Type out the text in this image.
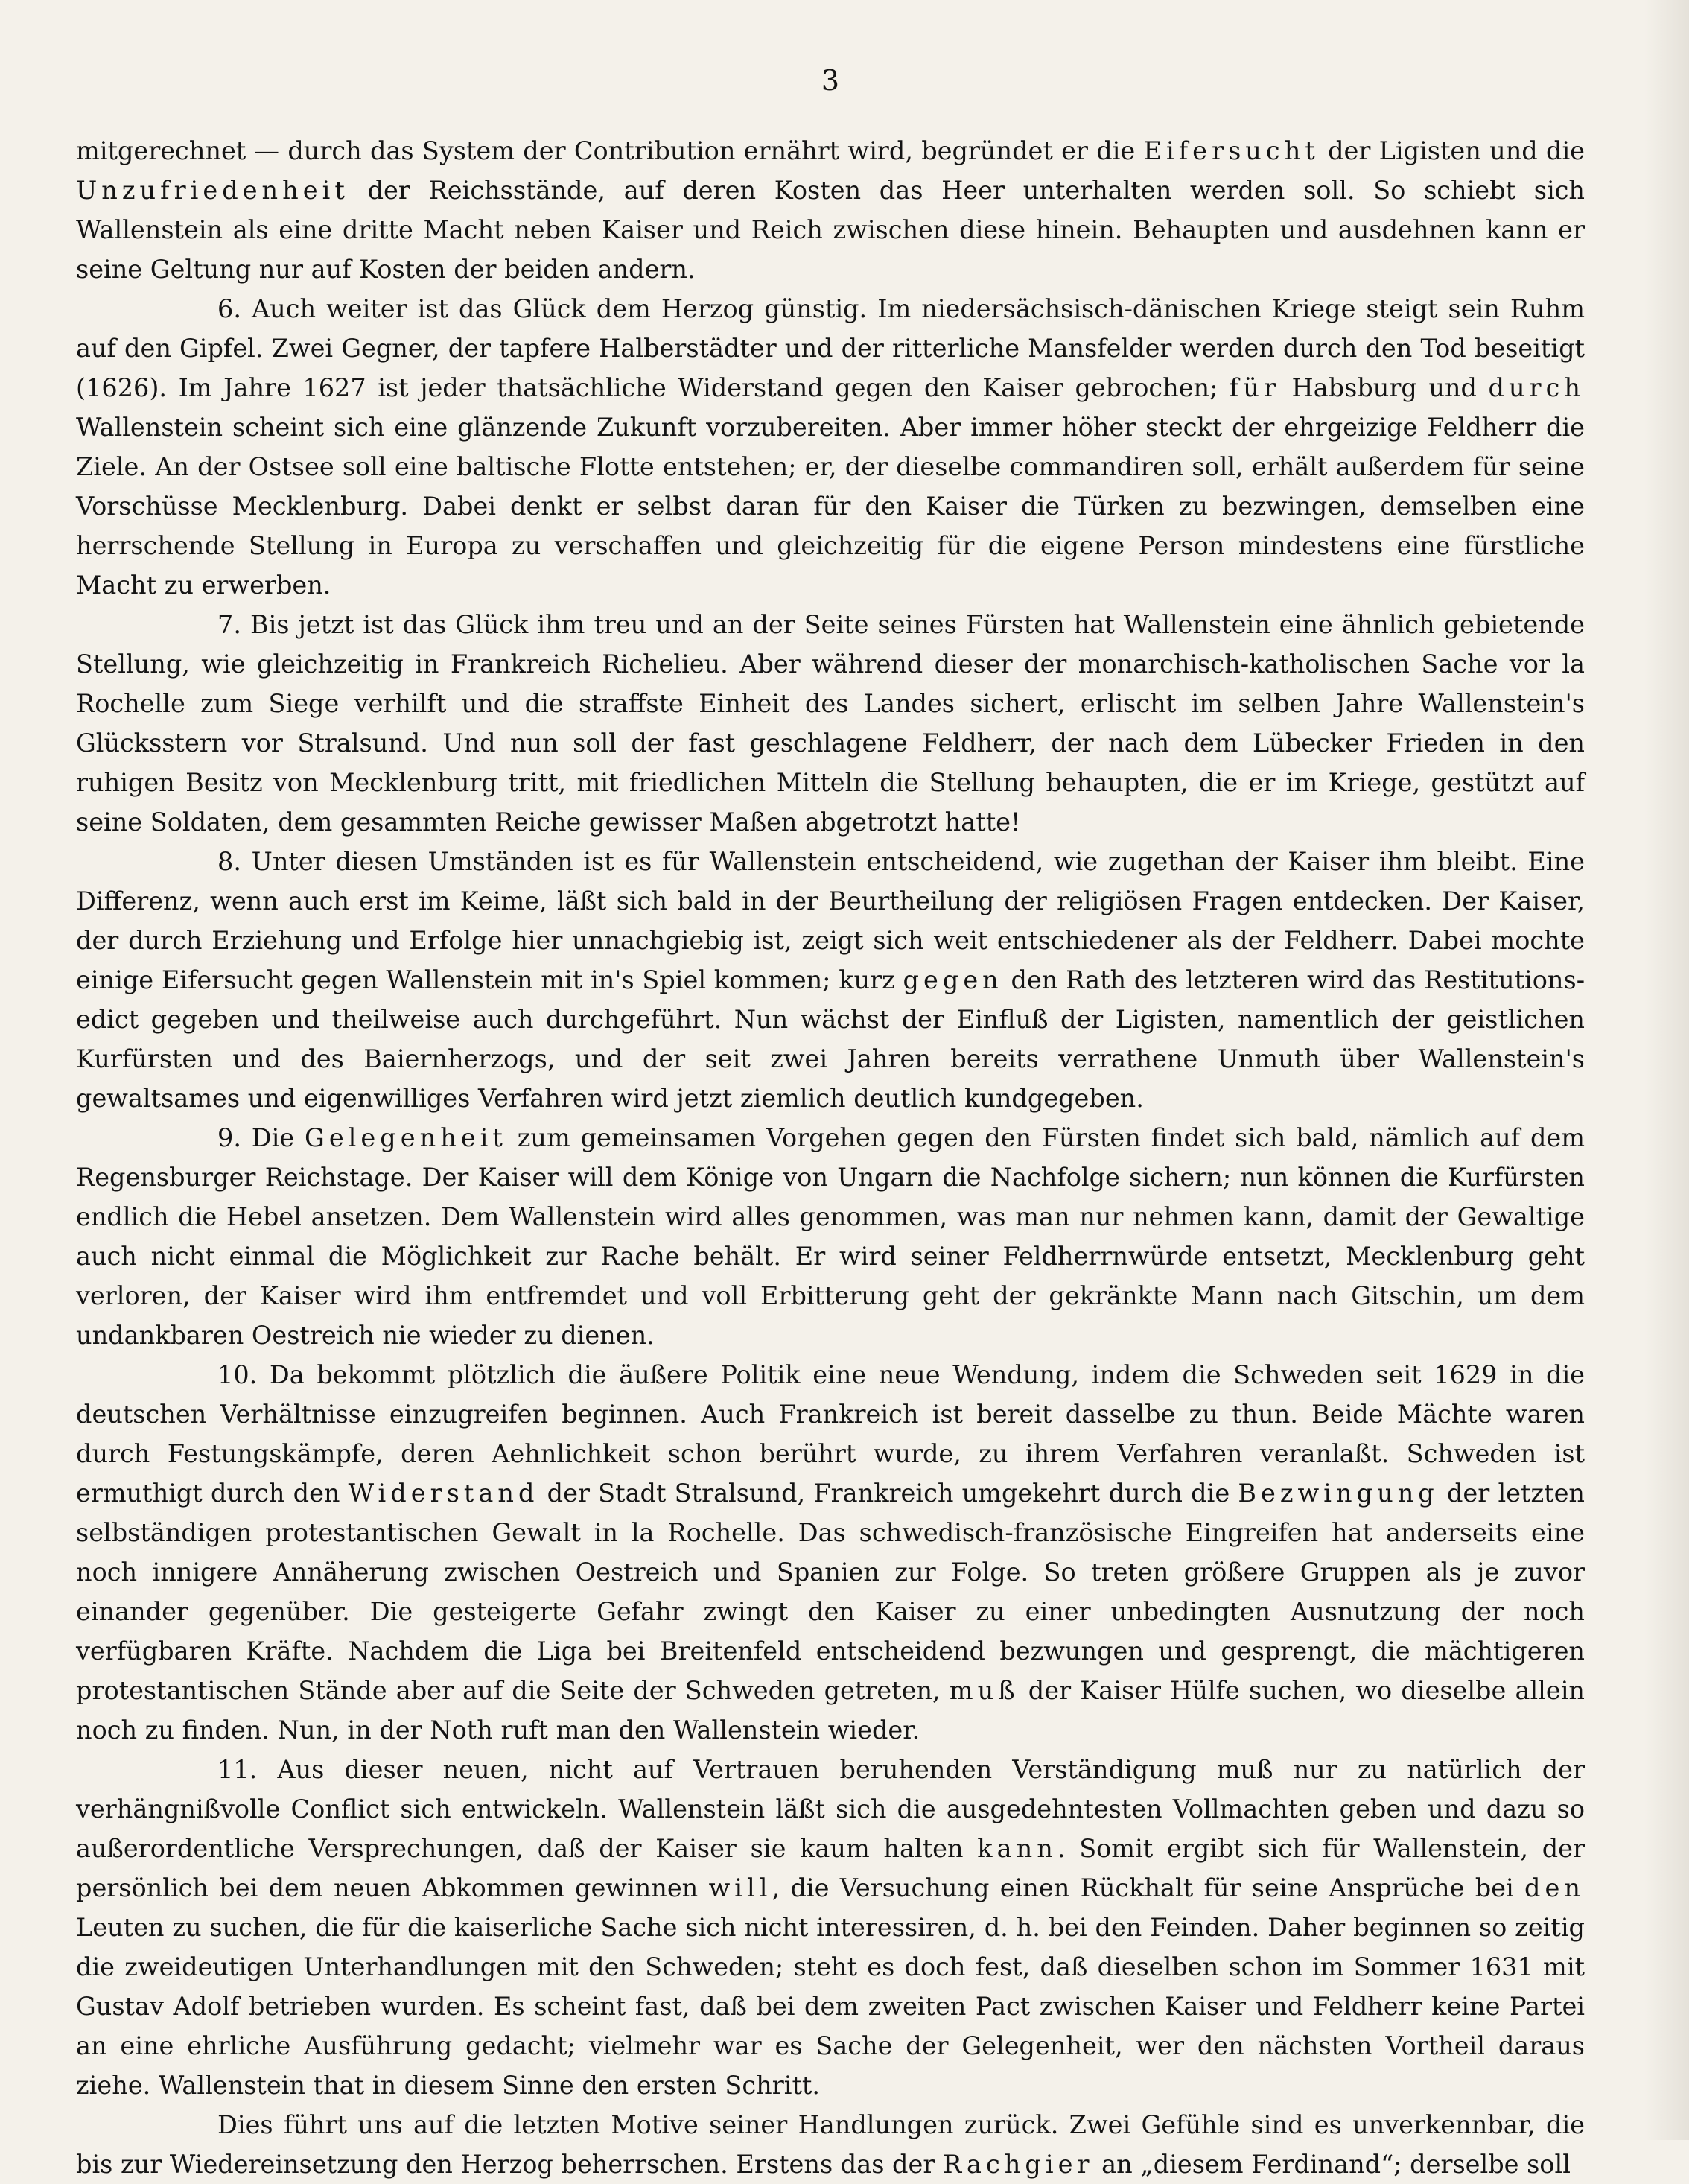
3

mitgerechnet — durch das System der Contribution ernährt wird, begründet er die Eifersucht der Ligisten und die Unzufriedenheit der Reichsstände, auf deren Kosten das Heer unterhalten werden soll. So schiebt sich Wallenstein als eine dritte Macht neben Kaiser und Reich zwischen diese hinein. Behaupten und ausdehnen kann er seine Geltung nur auf Kosten der beiden andern.

6. Auch weiter ist das Glück dem Herzog günstig. Im niedersächsisch-dänischen Kriege steigt sein Ruhm auf den Gipfel. Zwei Gegner, der tapfere Halberstädter und der ritterliche Mansfelder werden durch den Tod beseitigt (1626). Im Jahre 1627 ist jeder thatsächliche Widerstand gegen den Kaiser gebrochen; für Habsburg und durch Wallenstein scheint sich eine glänzende Zukunft vorzubereiten. Aber immer höher steckt der ehrgeizige Feldherr die Ziele. An der Ostsee soll eine baltische Flotte entstehen; er, der dieselbe commandiren soll, erhält außerdem für seine Vorschüsse Mecklenburg. Dabei denkt er selbst daran für den Kaiser die Türken zu bezwingen, demselben eine herrschende Stellung in Europa zu verschaffen und gleichzeitig für die eigene Person mindestens eine fürstliche Macht zu erwerben.

7. Bis jetzt ist das Glück ihm treu und an der Seite seines Fürsten hat Wallenstein eine ähnlich gebietende Stellung, wie gleichzeitig in Frankreich Richelieu. Aber während dieser der monarchisch-katholischen Sache vor la Rochelle zum Siege verhilft und die straffste Einheit des Landes sichert, erlischt im selben Jahre Wallenstein's Glücksstern vor Stralsund. Und nun soll der fast geschlagene Feldherr, der nach dem Lübecker Frieden in den ruhigen Besitz von Mecklenburg tritt, mit friedlichen Mitteln die Stellung behaupten, die er im Kriege, gestützt auf seine Soldaten, dem gesammten Reiche gewisser Maßen abgetrotzt hatte!

8. Unter diesen Umständen ist es für Wallenstein entscheidend, wie zugethan der Kaiser ihm bleibt. Eine Differenz, wenn auch erst im Keime, läßt sich bald in der Beurtheilung der religiösen Fragen entdecken. Der Kaiser, der durch Erziehung und Erfolge hier unnachgiebig ist, zeigt sich weit entschiedener als der Feldherr. Dabei mochte einige Eifersucht gegen Wallenstein mit in's Spiel kommen; kurz gegen den Rath des letzteren wird das Restitutions-edict gegeben und theilweise auch durchgeführt. Nun wächst der Einfluß der Ligisten, namentlich der geistlichen Kurfürsten und des Baiernherzogs, und der seit zwei Jahren bereits verrathene Unmuth über Wallenstein's gewaltsames und eigenwilliges Verfahren wird jetzt ziemlich deutlich kundgegeben.

9. Die Gelegenheit zum gemeinsamen Vorgehen gegen den Fürsten findet sich bald, nämlich auf dem Regensburger Reichstage. Der Kaiser will dem Könige von Ungarn die Nachfolge sichern; nun können die Kurfürsten endlich die Hebel ansetzen. Dem Wallenstein wird alles genommen, was man nur nehmen kann, damit der Gewaltige auch nicht einmal die Möglichkeit zur Rache behält. Er wird seiner Feldherrnwürde entsetzt, Mecklenburg geht verloren, der Kaiser wird ihm entfremdet und voll Erbitterung geht der gekränkte Mann nach Gitschin, um dem undankbaren Oestreich nie wieder zu dienen.

10. Da bekommt plötzlich die äußere Politik eine neue Wendung, indem die Schweden seit 1629 in die deutschen Verhältnisse einzugreifen beginnen. Auch Frankreich ist bereit dasselbe zu thun. Beide Mächte waren durch Festungskämpfe, deren Aehnlichkeit schon berührt wurde, zu ihrem Verfahren veranlaßt. Schweden ist ermuthigt durch den Widerstand der Stadt Stralsund, Frankreich umgekehrt durch die Bezwingung der letzten selbständigen protestantischen Gewalt in la Rochelle. Das schwedisch-französische Eingreifen hat anderseits eine noch innigere Annäherung zwischen Oestreich und Spanien zur Folge. So treten größere Gruppen als je zuvor einander gegenüber. Die gesteigerte Gefahr zwingt den Kaiser zu einer unbedingten Ausnutzung der noch verfügbaren Kräfte. Nachdem die Liga bei Breitenfeld entscheidend bezwungen und gesprengt, die mächtigeren protestantischen Stände aber auf die Seite der Schweden getreten, muß der Kaiser Hülfe suchen, wo dieselbe allein noch zu finden. Nun, in der Noth ruft man den Wallenstein wieder.

11. Aus dieser neuen, nicht auf Vertrauen beruhenden Verständigung muß nur zu natürlich der verhängnißvolle Conflict sich entwickeln. Wallenstein läßt sich die ausgedehntesten Vollmachten geben und dazu so außerordentliche Versprechungen, daß der Kaiser sie kaum halten kann. Somit ergibt sich für Wallenstein, der persönlich bei dem neuen Abkommen gewinnen will, die Versuchung einen Rückhalt für seine Ansprüche bei den Leuten zu suchen, die für die kaiserliche Sache sich nicht interessiren, d. h. bei den Feinden. Daher beginnen so zeitig die zweideutigen Unterhandlungen mit den Schweden; steht es doch fest, daß dieselben schon im Sommer 1631 mit Gustav Adolf betrieben wurden. Es scheint fast, daß bei dem zweiten Pact zwischen Kaiser und Feldherr keine Partei an eine ehrliche Ausführung gedacht; vielmehr war es Sache der Gelegenheit, wer den nächsten Vortheil daraus ziehe. Wallenstein that in diesem Sinne den ersten Schritt.

Dies führt uns auf die letzten Motive seiner Handlungen zurück. Zwei Gefühle sind es unverkennbar, die bis zur Wiedereinsetzung den Herzog beherrschen. Erstens das der Rachgier an „diesem Ferdinand“; derselbe soll
